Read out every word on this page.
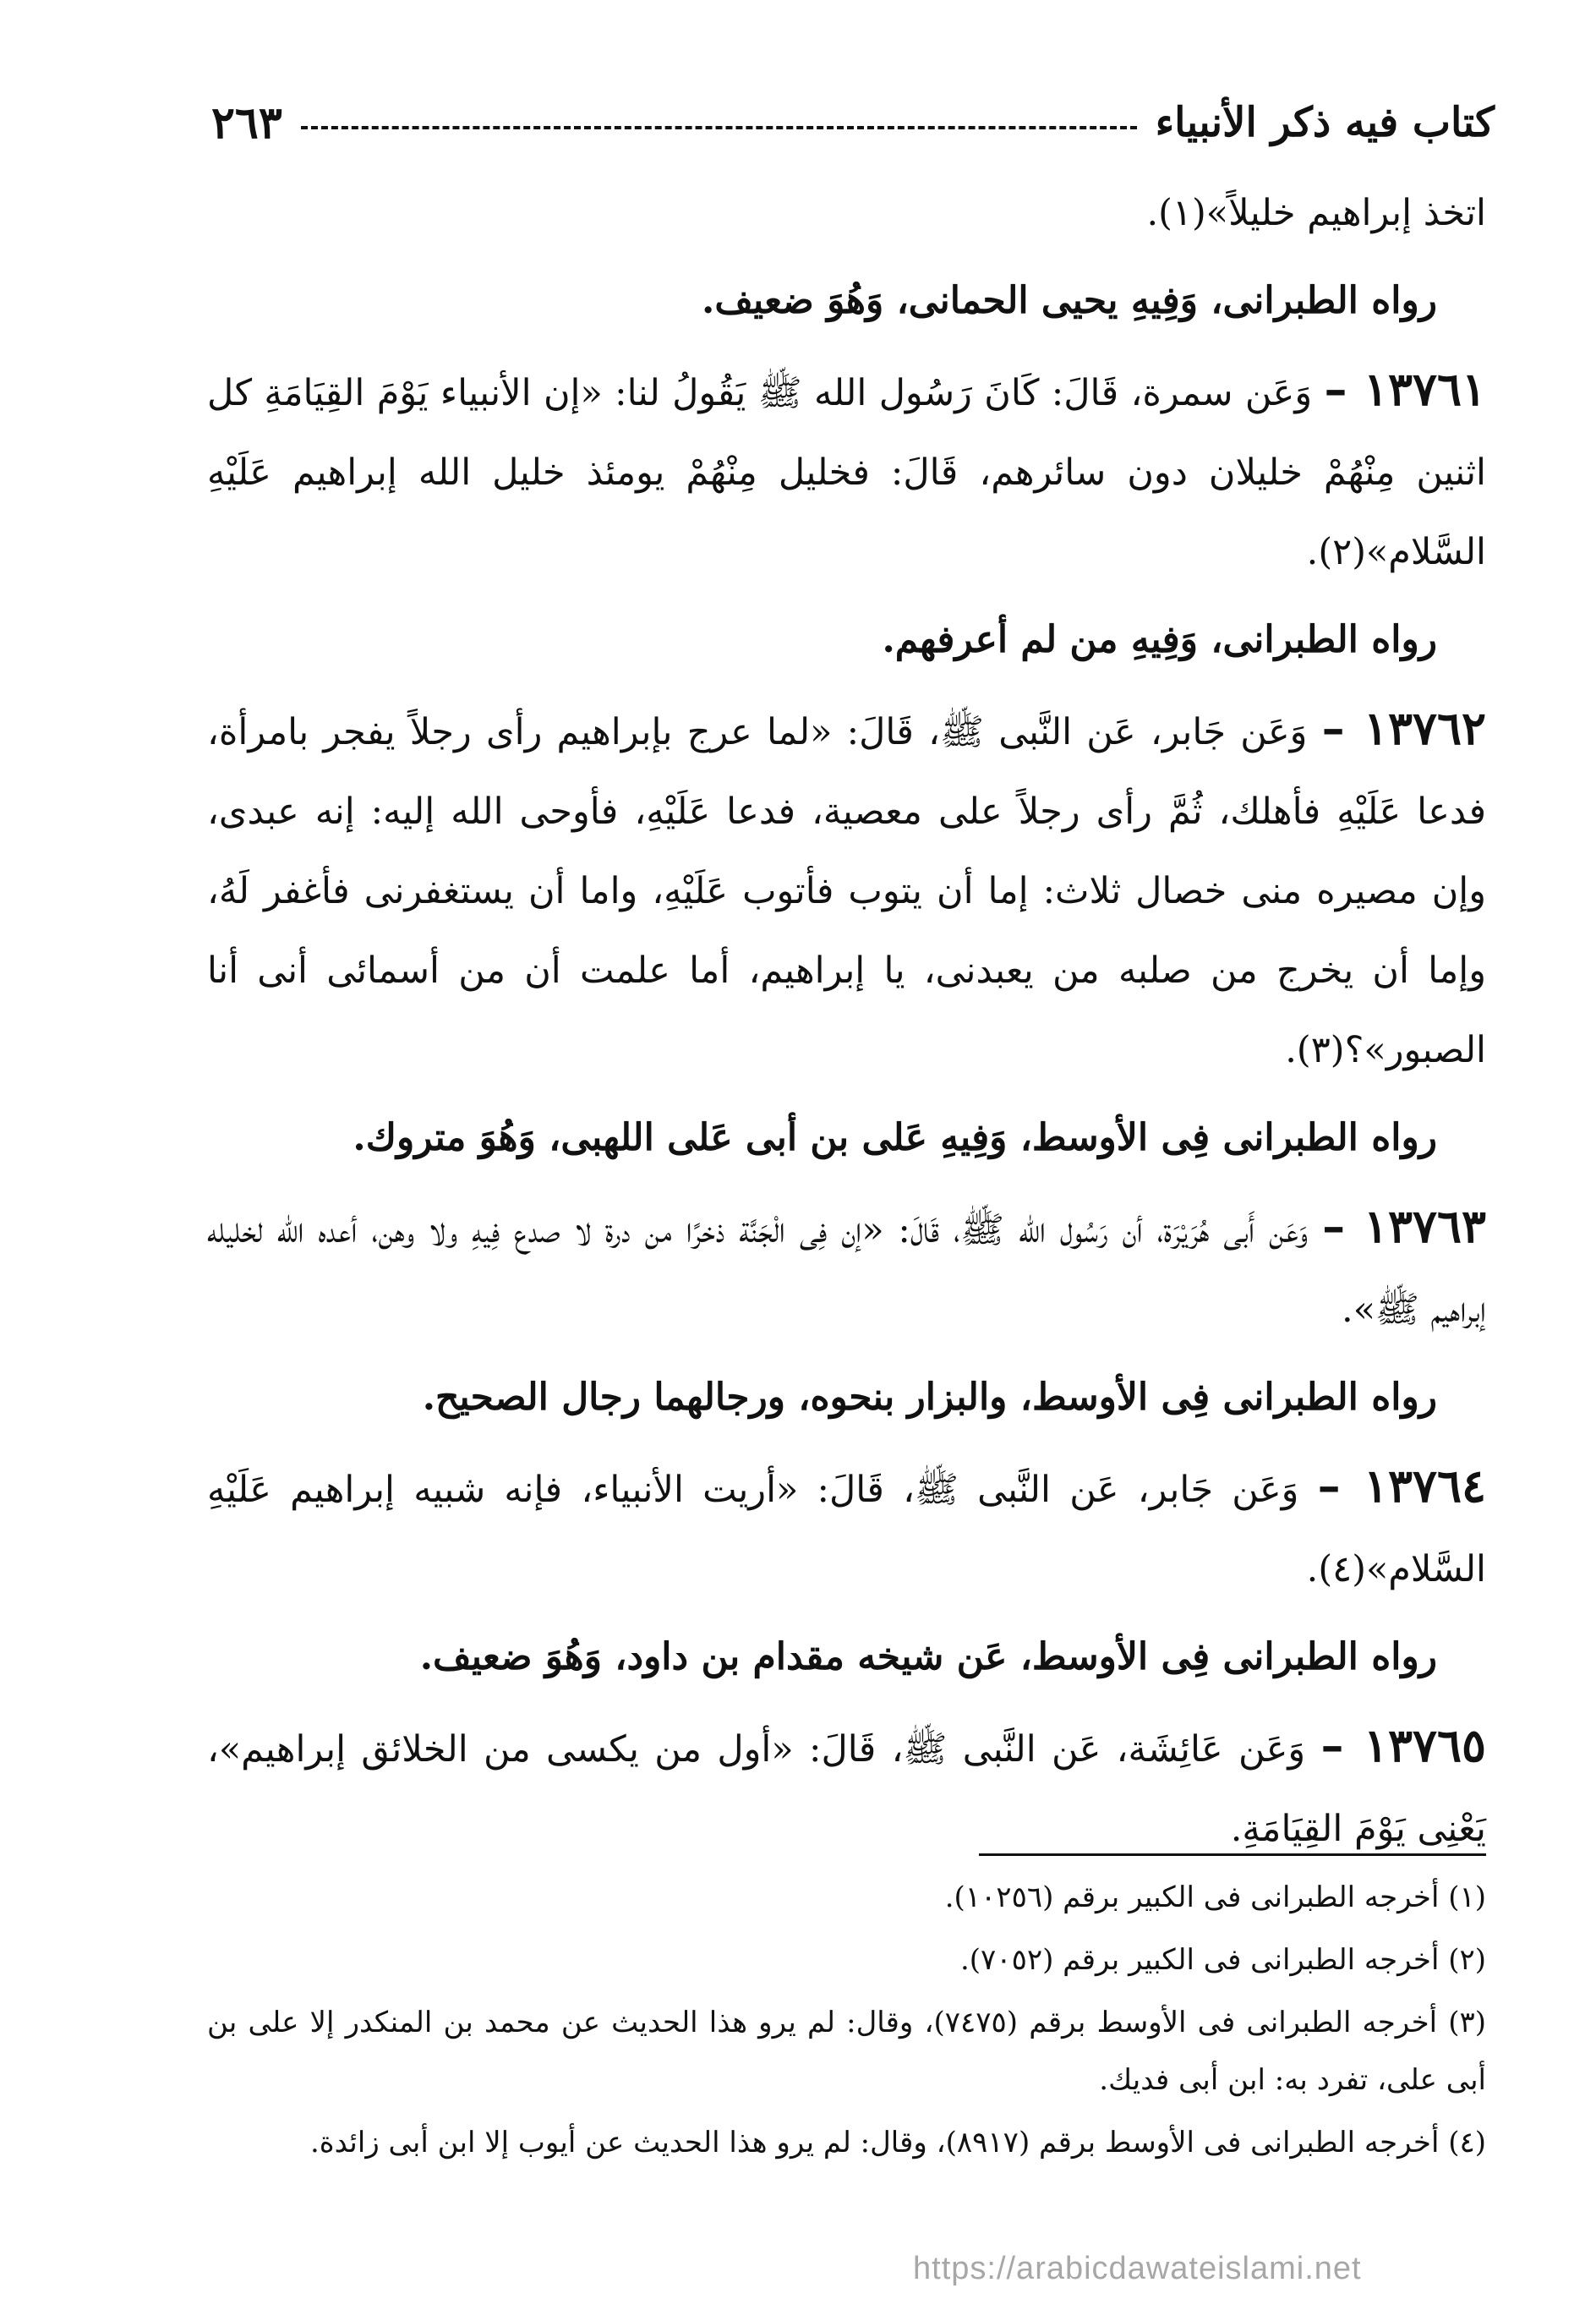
كتاب فيه ذكر الأنبياء
٢٦٣

اتخذ إبراهيم خليلاً»(١).

رواه الطبرانى، وَفِيهِ يحيى الحمانى، وَهُوَ ضعيف.

١٣٧٦١ – وَعَن سمرة، قَالَ: كَانَ رَسُول الله ﷺ يَقُولُ لنا: «إن الأنبياء يَوْمَ القِيَامَةِ كل اثنين مِنْهُمْ خليلان دون سائرهم، قَالَ: فخليل مِنْهُمْ يومئذ خليل الله إبراهيم عَلَيْهِ السَّلام»(٢).

رواه الطبرانى، وَفِيهِ من لم أعرفهم.

١٣٧٦٢ – وَعَن جَابر، عَن النَّبى ﷺ، قَالَ: «لما عرج بإبراهيم رأى رجلاً يفجر بامرأة، فدعا عَلَيْهِ فأهلك، ثُمَّ رأى رجلاً على معصية، فدعا عَلَيْهِ، فأوحى الله إليه: إنه عبدى، وإن مصيره منى خصال ثلاث: إما أن يتوب فأتوب عَلَيْهِ، واما أن يستغفرنى فأغفر لَهُ، وإما أن يخرج من صلبه من يعبدنى، يا إبراهيم، أما علمت أن من أسمائى أنى أنا الصبور»؟(٣).

رواه الطبرانى فِى الأوسط، وَفِيهِ عَلى بن أبى عَلى اللهبى، وَهُوَ متروك.

١٣٧٦٣ – وَعَن أَبى هُرَيْرَة، أن رَسُول الله ﷺ، قَالَ: «إن فِى الْجَنَّة ذخرًا من درة لا صدع فِيهِ ولا وهن، أعده الله لخليله إبراهيم ﷺ».

رواه الطبرانى فِى الأوسط، والبزار بنحوه، ورجالهما رجال الصحيح.

١٣٧٦٤ – وَعَن جَابر، عَن النَّبى ﷺ، قَالَ: «أريت الأنبياء، فإنه شبيه إبراهيم عَلَيْهِ السَّلام»(٤).

رواه الطبرانى فِى الأوسط، عَن شيخه مقدام بن داود، وَهُوَ ضعيف.

١٣٧٦٥ – وَعَن عَائِشَة، عَن النَّبى ﷺ، قَالَ: «أول من يكسى من الخلائق إبراهيم»، يَعْنِى يَوْمَ القِيَامَةِ.

(١) أخرجه الطبرانى فى الكبير برقم (١٠٢٥٦).

(٢) أخرجه الطبرانى فى الكبير برقم (٧٠٥٢).

(٣) أخرجه الطبرانى فى الأوسط برقم (٧٤٧٥)، وقال: لم يرو هذا الحديث عن محمد بن المنكدر إلا على بن أبى على، تفرد به: ابن أبى فديك.

(٤) أخرجه الطبرانى فى الأوسط برقم (٨٩١٧)، وقال: لم يرو هذا الحديث عن أيوب إلا ابن أبى زائدة.

https://arabicdawateislami.net
